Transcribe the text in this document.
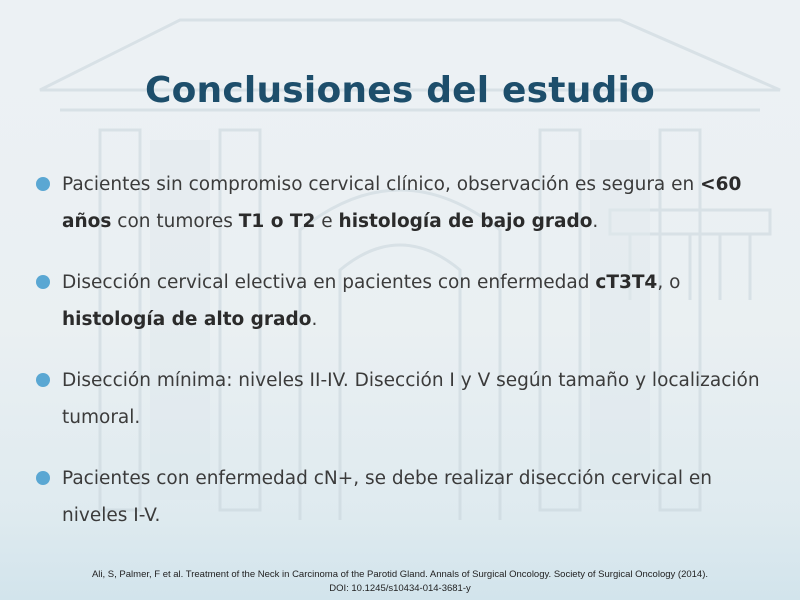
Conclusiones del estudio
Pacientes sin compromiso cervical clínico, observación es segura en <60 años con tumores T1 o T2 e histología de bajo grado.
Disección cervical electiva en pacientes con enfermedad cT3T4, o histología de alto grado.
Disección mínima: niveles II-IV. Disección I y V según tamaño y localización tumoral.
Pacientes con enfermedad cN+, se debe realizar disección cervical en niveles I-V.
Ali, S, Palmer, F et al. Treatment of the Neck in Carcinoma of the Parotid Gland. Annals of Surgical Oncology. Society of Surgical Oncology (2014).
DOI: 10.1245/s10434-014-3681-y
